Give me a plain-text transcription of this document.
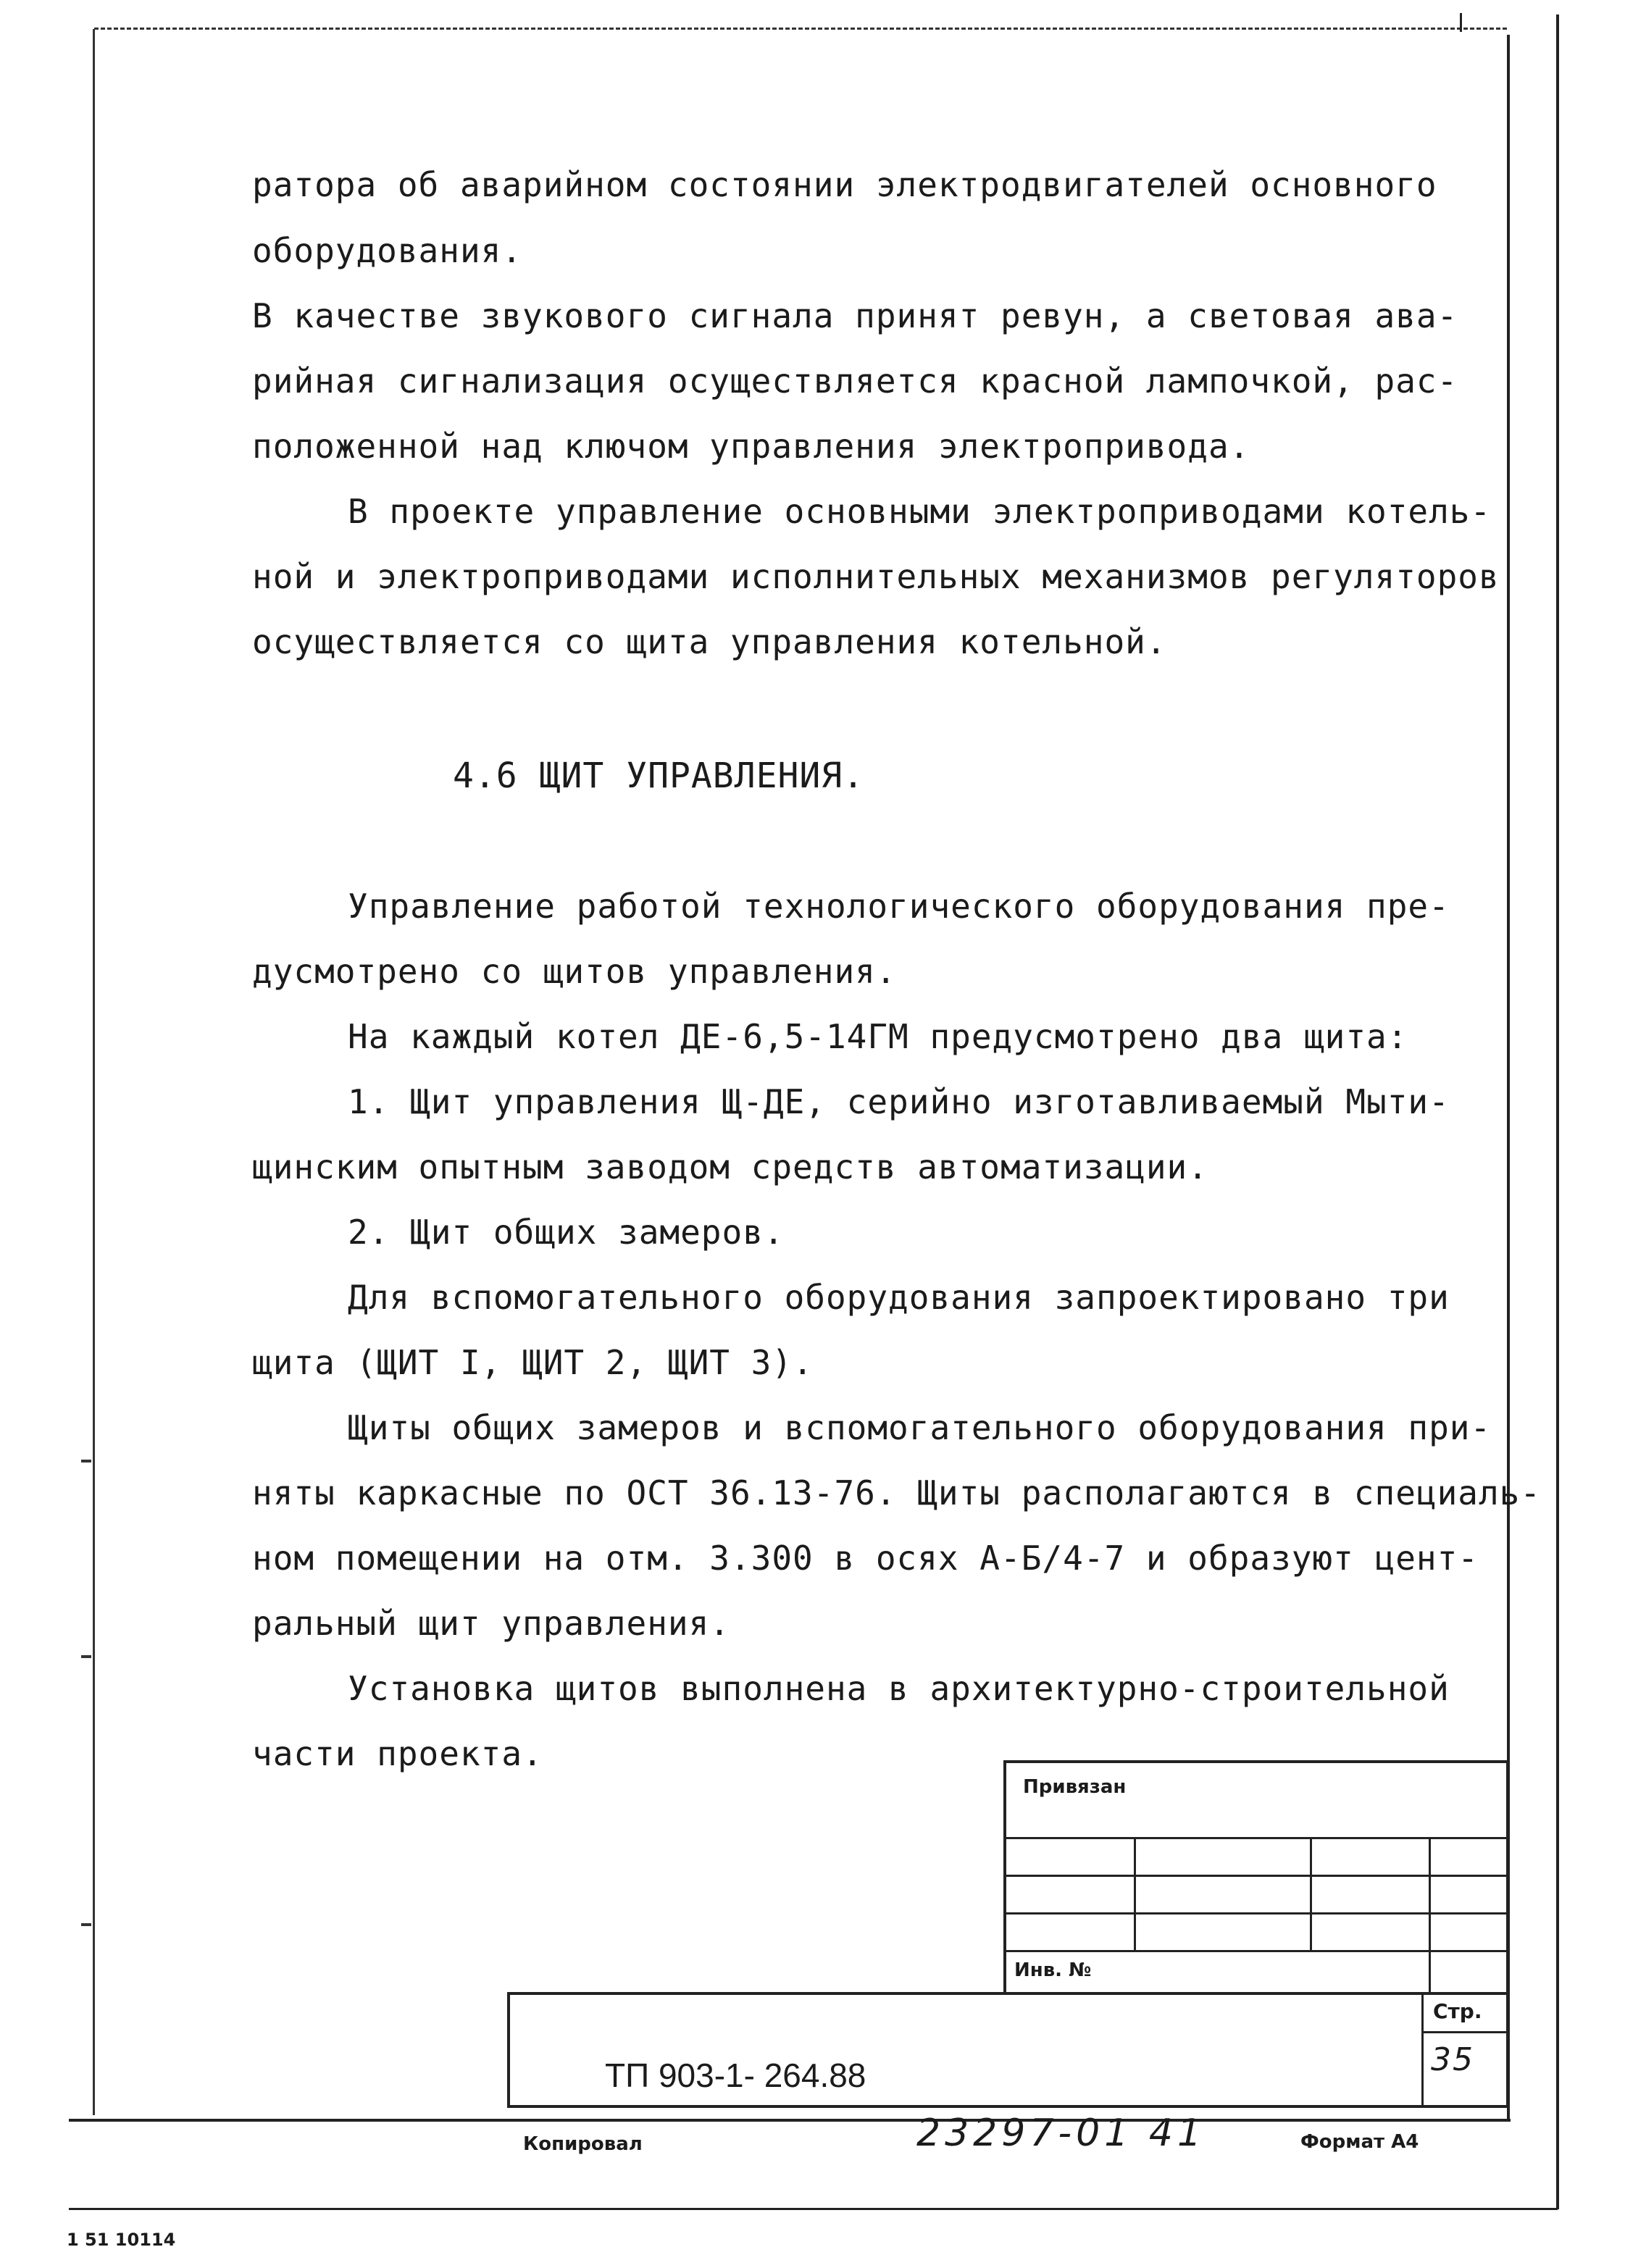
ратора об аварийном состоянии электродвигателей основного
оборудования.
В качестве звукового сигнала принят ревун, а световая ава-
рийная сигнализация осуществляется красной лампочкой, рас-
положенной над ключом управления электропривода.
В проекте управление основными электроприводами котель-
ной и электроприводами исполнительных механизмов регуляторов
осуществляется со щита управления котельной.
4.6 ЩИТ УПРАВЛЕНИЯ.
Управление работой технологического оборудования пре-
дусмотрено со щитов управления.
На каждый котел ДЕ-6,5-14ГМ предусмотрено два щита:
1. Щит управления Щ-ДЕ, серийно изготавливаемый Мыти-
щинским опытным заводом средств автоматизации.
2. Щит общих замеров.
Для вспомогательного оборудования запроектировано три
щита (ЩИТ I, ЩИТ 2, ЩИТ 3).
Щиты общих замеров и вспомогательного оборудования при-
няты каркасные по ОСТ 36.13-76. Щиты располагаются в специаль-
ном помещении на отм. 3.300 в осях А-Б/4-7 и образуют цент-
ральный щит управления.
Установка щитов выполнена в архитектурно-строительной
части проекта.
Привязан
Инв. №
Стр.
35
ТП 903-1- 264.88
Копировал	23297-01 41	Формат А4
1 51 10114
